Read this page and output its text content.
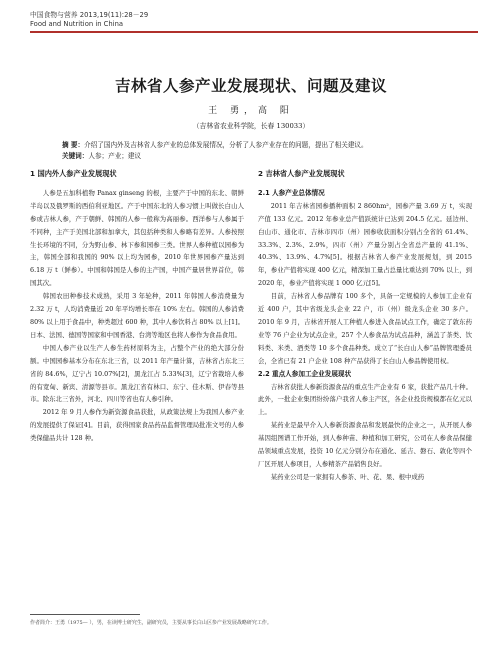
中国食物与营养 2013,19(11):28－29
Food and Nutrition in China
吉林省人参产业发展现状、问题及建议
王 勇，高 阳
（吉林省农业科学院，长春 130033）
摘 要：介绍了国内外及吉林省人参产业的总体发展情况，分析了人参产业存在的问题，提出了相关建议。
关键词：人参；产业；建议

1 国内外人参产业发展现状

人参是五加科植物 Panax ginseng 的根，主要产于中国的东北、朝鲜半岛以及俄罗斯的西伯利亚地区。产于中国东北的人参习惯上叫做长白山人参或吉林人参，产于朝鲜、韩国的人参一般称为高丽参。西洋参与人参属于不同种，主产于美国北部和加拿大，其包括种类和人参略有差异。人参按照生长环境的不同，分为野山参、林下参和园参三类。世界人参种植以园参为主，韩国全部和我国的 90% 以上均为园参，2010 年世界园参产量达到 6.18 万 t（鲜参）。中国和韩国是人参的主产国，中国产量居世界首位，韩国其次。

韩国农田种参技术成熟，采用 3 年轮种，2011 年韩国人参消费量为 2.32 万 t，人均消费量近 20 年平均增长率在 10% 左右。韩国的人参消费 80% 以上用于食品中，种类超过 600 种，其中人参饮料占 80% 以上[1]。日本、法国、德国等国家和中国香港、台湾等地区也将人参作为食品食用。

中国人参产业以生产人参生药材原料为主，占整个产业的绝大部分份额。中国园参基本分布在东北三省，以 2011 年产量计算，吉林省占东北三省的 84.6%，辽宁占 10.07%[2]，黑龙江占 5.33%[3]，辽宁省栽培人参的有宽甸、新宾、清源等县市。黑龙江省有林口、东宁、佳木斯、伊春等县市。除东北三省外，河北、四川等省也有人参引种。

2012 年 9 月人参作为新资源食品获批，从政策法规上为我国人参产业的发展提供了保证[4]。目前，获得国家食品药品监督管理局批准文号的人参类保健品共计 128 种。

2 吉林省人参产业发展现状

2.1 人参产业总体情况

2011 年吉林省园参播种面积 2 860hm²，园参产量 3.69 万 t，实现产值 133 亿元。2012 年参业总产值跃统计已达到 204.5 亿元。延边州、白山市、通化市、吉林市四市（州）园参收获面积分别占全省的 61.4%、33.3%、2.3%、2.9%，四市（州）产量分别占全省总产量的 41.1%、40.3%、13.9%、4.7%[5]。根据吉林省人参产业发展规划，到 2015 年，参业产值将实现 400 亿元，精深加工量占总量比重达到 70% 以上，到 2020 年，参业产值将实现 1 000 亿元[5]。

目前，吉林省人参品牌有 100 多个，具备一定规模的人参加工企业有近 400 户，其中省级龙头企业 22 户，市（州）级龙头企业 30 多户。2010 年 9 月，吉林省开展人工种植人参进入食品试点工作，确定了敦东药业等 76 户企业为试点企业，257 个人参食品为试点品种，涵盖了茶类、饮料类、米类、酒类等 10 多个食品种类。成立了“长白山人参”品牌管理委员会，全省已有 21 户企业 108 种产品获得了长白山人参品牌使用权。

2.2 重点人参加工企业发展现状

吉林省获批人参新资源食品的重点生产企业有 6 家，获批产品几十种。此外，一批企业集团纷纷落户我省人参主产区，各企业投资规模都在亿元以上。

某药业是最早介入人参新资源食品和发展最快的企业之一，从开展人参基因组图谱工作开始，到人参种苗、种植和加工研究，公司在人参食品保健品领域重点发展，投资 10 亿元分别分布在通化、延吉、磐石、敦化等四个厂区开展人参项目，人参精茶产品销售良好。

某药业公司是一家拥有人参茶、叶、花、果、根中成药

作者简介：王勇（1975— ），男，在读博士研究生，副研究员，主要从事长白山区参产业发展战略研究工作。
